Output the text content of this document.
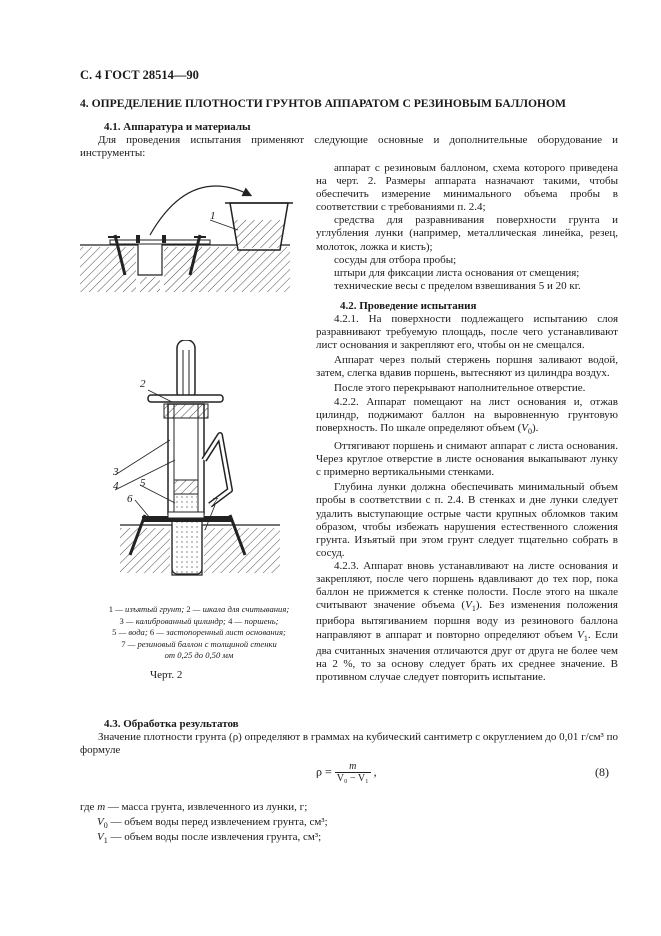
С. 4 ГОСТ 28514—90
4. ОПРЕДЕЛЕНИЕ ПЛОТНОСТИ ГРУНТОВ АППАРАТОМ С РЕЗИНОВЫМ БАЛЛОНОМ
4.1. Аппаратура и материалы

Для проведения испытания применяют следующие основные и дополнительные оборудование и инструменты:

аппарат с резиновым баллоном, схема которого приведена на черт. 2. Размеры аппарата назначают такими, чтобы обеспечить измерение минимального объема пробы в соответствии с требованиями п. 2.4;

средства для разравнивания поверхности грунта и углубления лунки (например, металлическая линейка, резец, молоток, ложка и кисть);

сосуды для отбора пробы;

штыри для фиксации листа основания от смещения;

технические весы с пределом взвешивания 5 и 20 кг.

4.2. Проведение испытания

4.2.1. На поверхности подлежащего испытанию слоя разравнивают требуемую площадь, после чего устанавливают лист основания и закрепляют его, чтобы он не смещался.

Аппарат через полый стержень поршня заливают водой, затем, слегка вдавив поршень, вытесняют из цилиндра воздух.

После этого перекрывают наполнительное отверстие.

4.2.2. Аппарат помещают на лист основания и, отжав цилиндр, поджимают баллон на выровненную грунтовую поверхность. По шкале определяют объем $(V_0)$.

Оттягивают поршень и снимают аппарат с листа основания. Через круглое отверстие в листе основания выкапывают лунку с примерно вертикальными стенками.

Глубина лунки должна обеспечивать минимальный объем пробы в соответствии с п. 2.4. В стенках и дне лунки следует удалить выступающие острые части крупных обломков таким образом, чтобы избежать нарушения естественного сложения грунта. Изъятый при этом грунт следует тщательно собрать в сосуд.

4.2.3. Аппарат вновь устанавливают на листе основания и закрепляют, после чего поршень вдавливают до тех пор, пока баллон не прижмется к стенке полости. После этого на шкале считывают значение объема $(V_1)$. Без изменения положения прибора вытягиванием поршня воду из резинового баллона направляют в аппарат и повторно определяют объем $V_1$. Если два считанных значения отличаются друг от друга не более чем на 2 %, то за основу следует брать их среднее значение. В противном случае следует повторить испытание.

1
2
3
4 5
6	7
1 — изъятый грунт; 2 — шкала для считывания;
3 — калиброванный цилиндр; 4 — поршень;
5 — вода; 6 — застопоренный лист основания;
7 — резиновый баллон с толщиной стенки
от 0,25 до 0,50 мм
Черт. 2
4.3. Обработка результатов

Значение плотности грунта (ρ) определяют в граммах на кубический сантиметр с округлением до 0,01 г/см³ по формуле

$\rho = \frac{m}{\text{V₀ − V₁}}$ ,	(8)
где m — масса грунта, извлеченного из лунки, г;
$V_0$ — объем воды перед извлечением грунта, см³;
$V_1$ — объем воды после извлечения грунта, см³;
